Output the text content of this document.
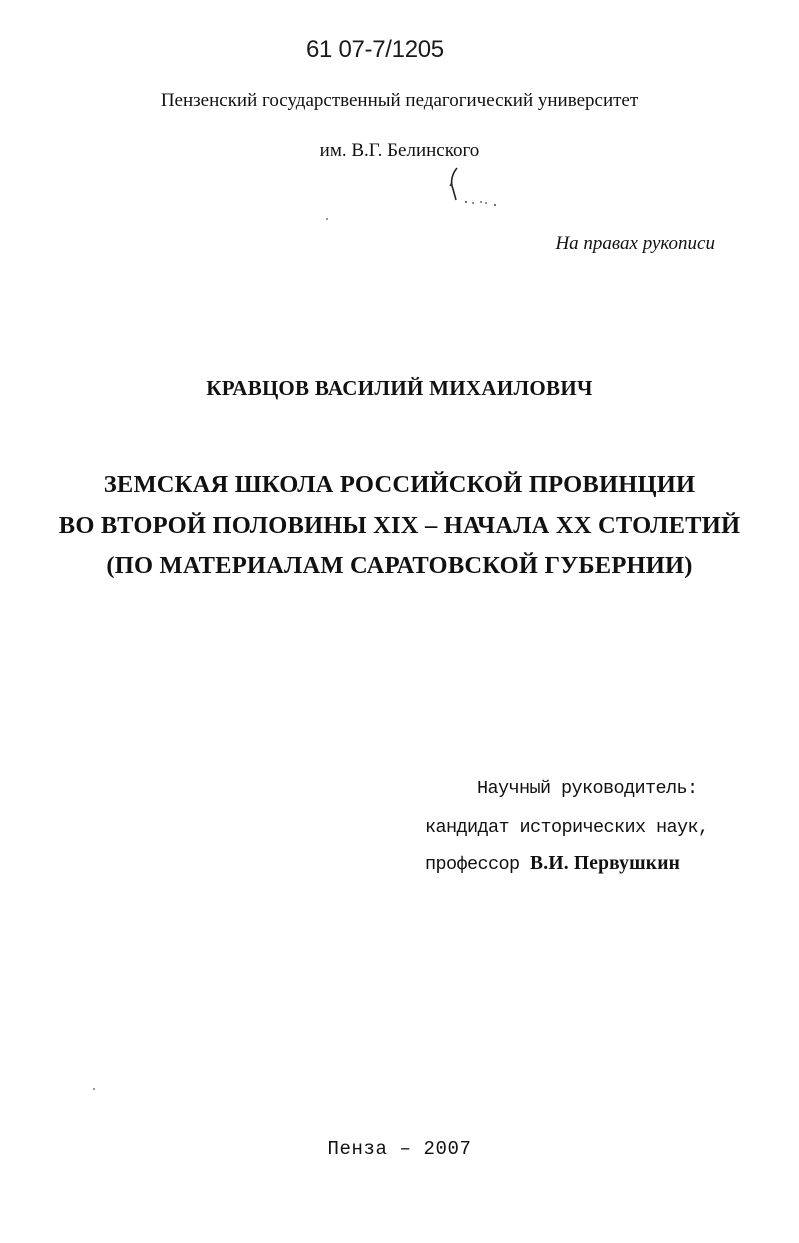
61 07-7/1205
Пензенский государственный педагогический университет
им. В.Г. Белинского
На правах рукописи
КРАВЦОВ ВАСИЛИЙ МИХАИЛОВИЧ
ЗЕМСКАЯ ШКОЛА РОССИЙСКОЙ ПРОВИНЦИИ
ВО ВТОРОЙ ПОЛОВИНЫ XIX – НАЧАЛА XX СТОЛЕТИЙ
(ПО МАТЕРИАЛАМ САРАТОВСКОЙ ГУБЕРНИИ)
Научный руководитель:
кандидат исторических наук,
профессор В.И. Первушкин
Пенза – 2007
